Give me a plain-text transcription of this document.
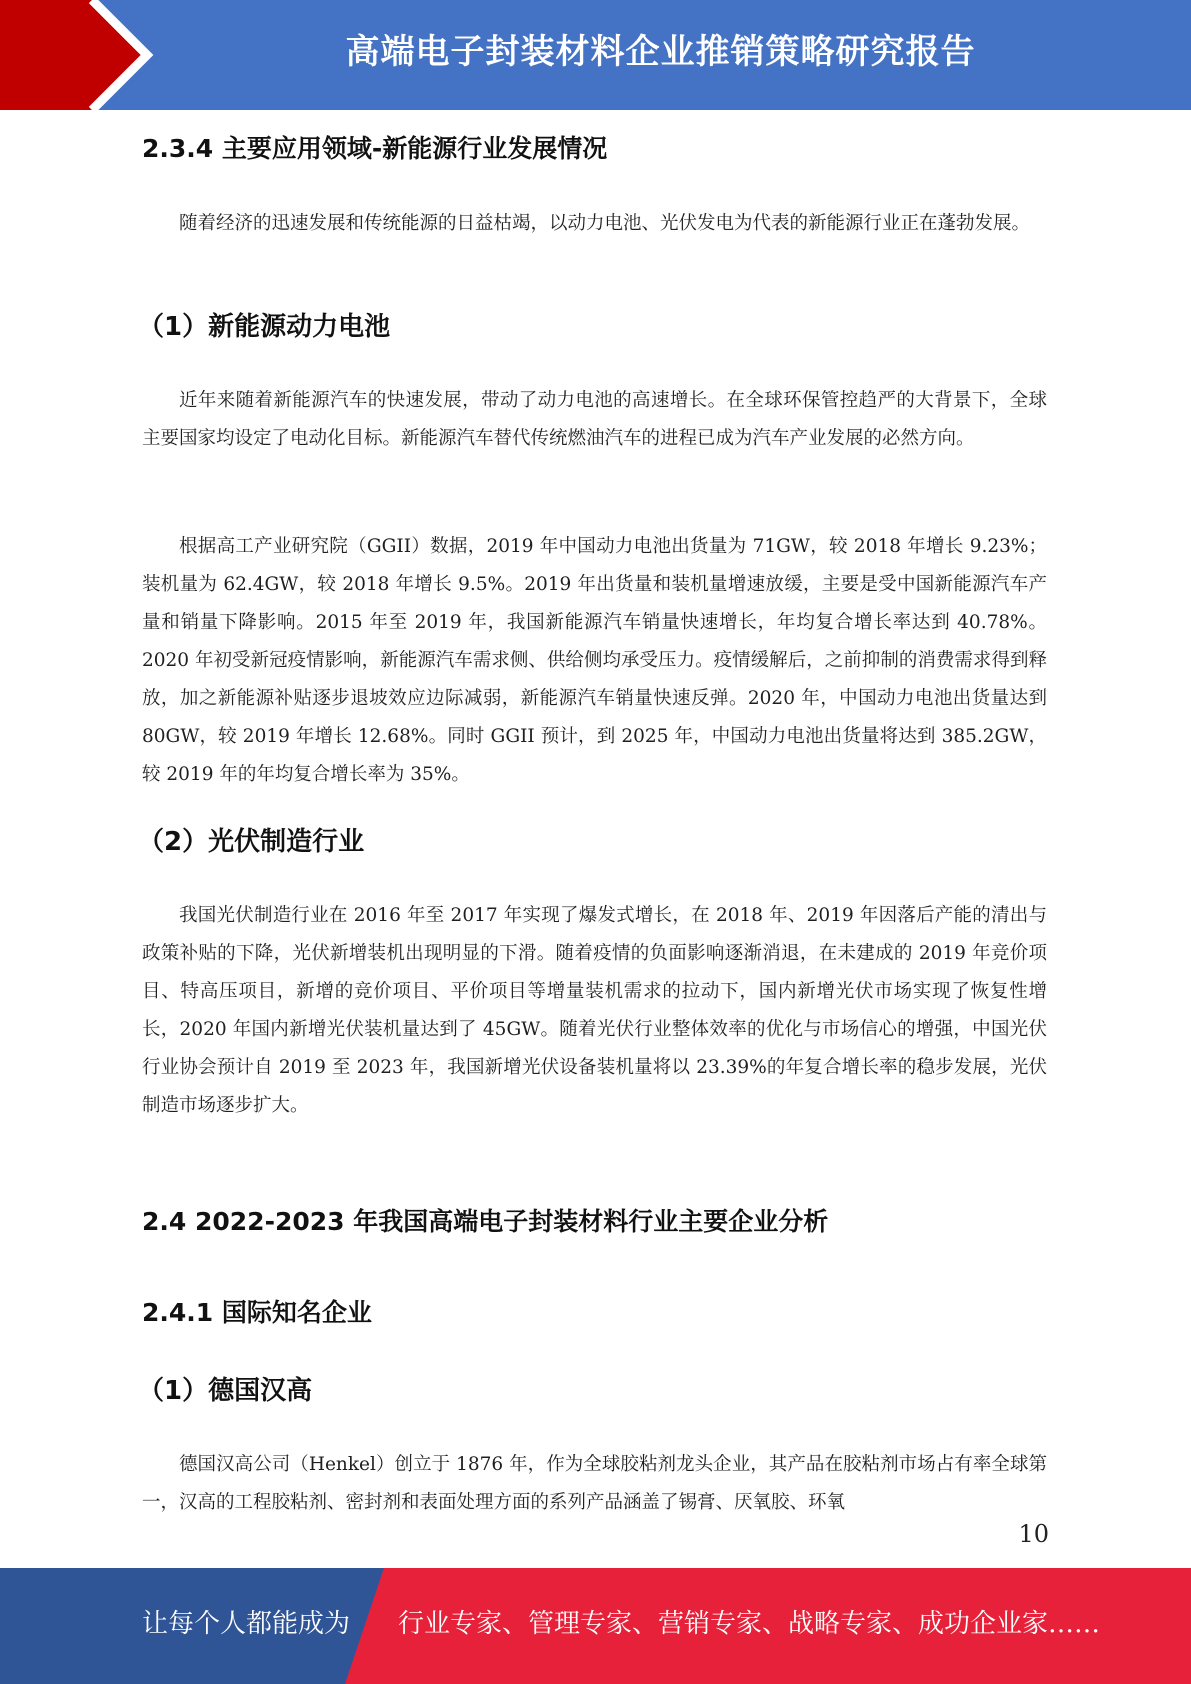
高端电子封装材料企业推销策略研究报告
2.3.4 主要应用领域-新能源行业发展情况

随着经济的迅速发展和传统能源的日益枯竭，以动力电池、光伏发电为代表的新能源行业正在蓬勃发展。

（1）新能源动力电池

近年来随着新能源汽车的快速发展，带动了动力电池的高速增长。在全球环保管控趋严的大背景下，全球主要国家均设定了电动化目标。新能源汽车替代传统燃油汽车的进程已成为汽车产业发展的必然方向。

根据高工产业研究院（GGII）数据，2019 年中国动力电池出货量为 71GW，较 2018 年增长 9.23%；装机量为 62.4GW，较 2018 年增长 9.5%。2019 年出货量和装机量增速放缓，主要是受中国新能源汽车产量和销量下降影响。2015 年至 2019 年，我国新能源汽车销量快速增长，年均复合增长率达到 40.78%。2020 年初受新冠疫情影响，新能源汽车需求侧、供给侧均承受压力。疫情缓解后，之前抑制的消费需求得到释放，加之新能源补贴逐步退坡效应边际减弱，新能源汽车销量快速反弹。2020 年，中国动力电池出货量达到 80GW，较 2019 年增长 12.68%。同时 GGII 预计，到 2025 年，中国动力电池出货量将达到 385.2GW，较 2019 年的年均复合增长率为 35%。

（2）光伏制造行业

我国光伏制造行业在 2016 年至 2017 年实现了爆发式增长，在 2018 年、2019 年因落后产能的清出与政策补贴的下降，光伏新增装机出现明显的下滑。随着疫情的负面影响逐渐消退，在未建成的 2019 年竞价项目、特高压项目，新增的竞价项目、平价项目等增量装机需求的拉动下，国内新增光伏市场实现了恢复性增长，2020 年国内新增光伏装机量达到了 45GW。随着光伏行业整体效率的优化与市场信心的增强，中国光伏行业协会预计自 2019 至 2023 年，我国新增光伏设备装机量将以 23.39%的年复合增长率的稳步发展，光伏制造市场逐步扩大。

2.4 2022-2023 年我国高端电子封装材料行业主要企业分析
2.4.1 国际知名企业
（1）德国汉高

德国汉高公司（Henkel）创立于 1876 年，作为全球胶粘剂龙头企业，其产品在胶粘剂市场占有率全球第一，汉高的工程胶粘剂、密封剂和表面处理方面的系列产品涵盖了锡膏、厌氧胶、环氧

10
让每个人都能成为 行业专家、管理专家、营销专家、战略专家、成功企业家……
